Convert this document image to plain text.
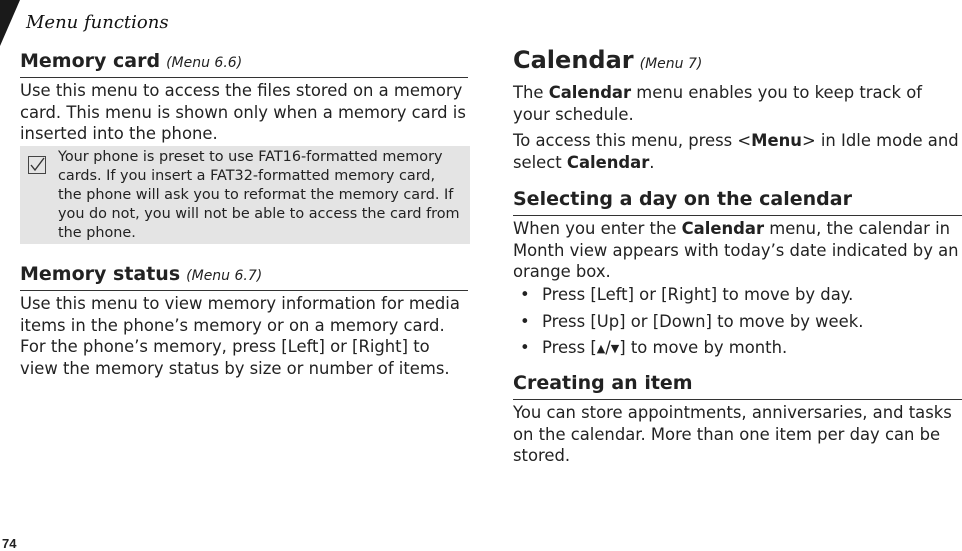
Menu functions
Memory card (Menu 6.6)
Use this menu to access the files stored on a memory card. This menu is shown only when a memory card is inserted into the phone.
Your phone is preset to use FAT16-formatted memory cards. If you insert a FAT32-formatted memory card, the phone will ask you to reformat the memory card. If you do not, you will not be able to access the card from the phone.
Memory status (Menu 6.7)
Use this menu to view memory information for media items in the phone’s memory or on a memory card. For the phone’s memory, press [Left] or [Right] to view the memory status by size or number of items.
Calendar (Menu 7)
The Calendar menu enables you to keep track of your schedule.
To access this menu, press <Menu> in Idle mode and select Calendar.
Selecting a day on the calendar
When you enter the Calendar menu, the calendar in Month view appears with today’s date indicated by an orange box.
• Press [Left] or [Right] to move by day.
• Press [Up] or [Down] to move by week.
• Press [▲/▼] to move by month.
Creating an item
You can store appointments, anniversaries, and tasks on the calendar. More than one item per day can be stored.
74
